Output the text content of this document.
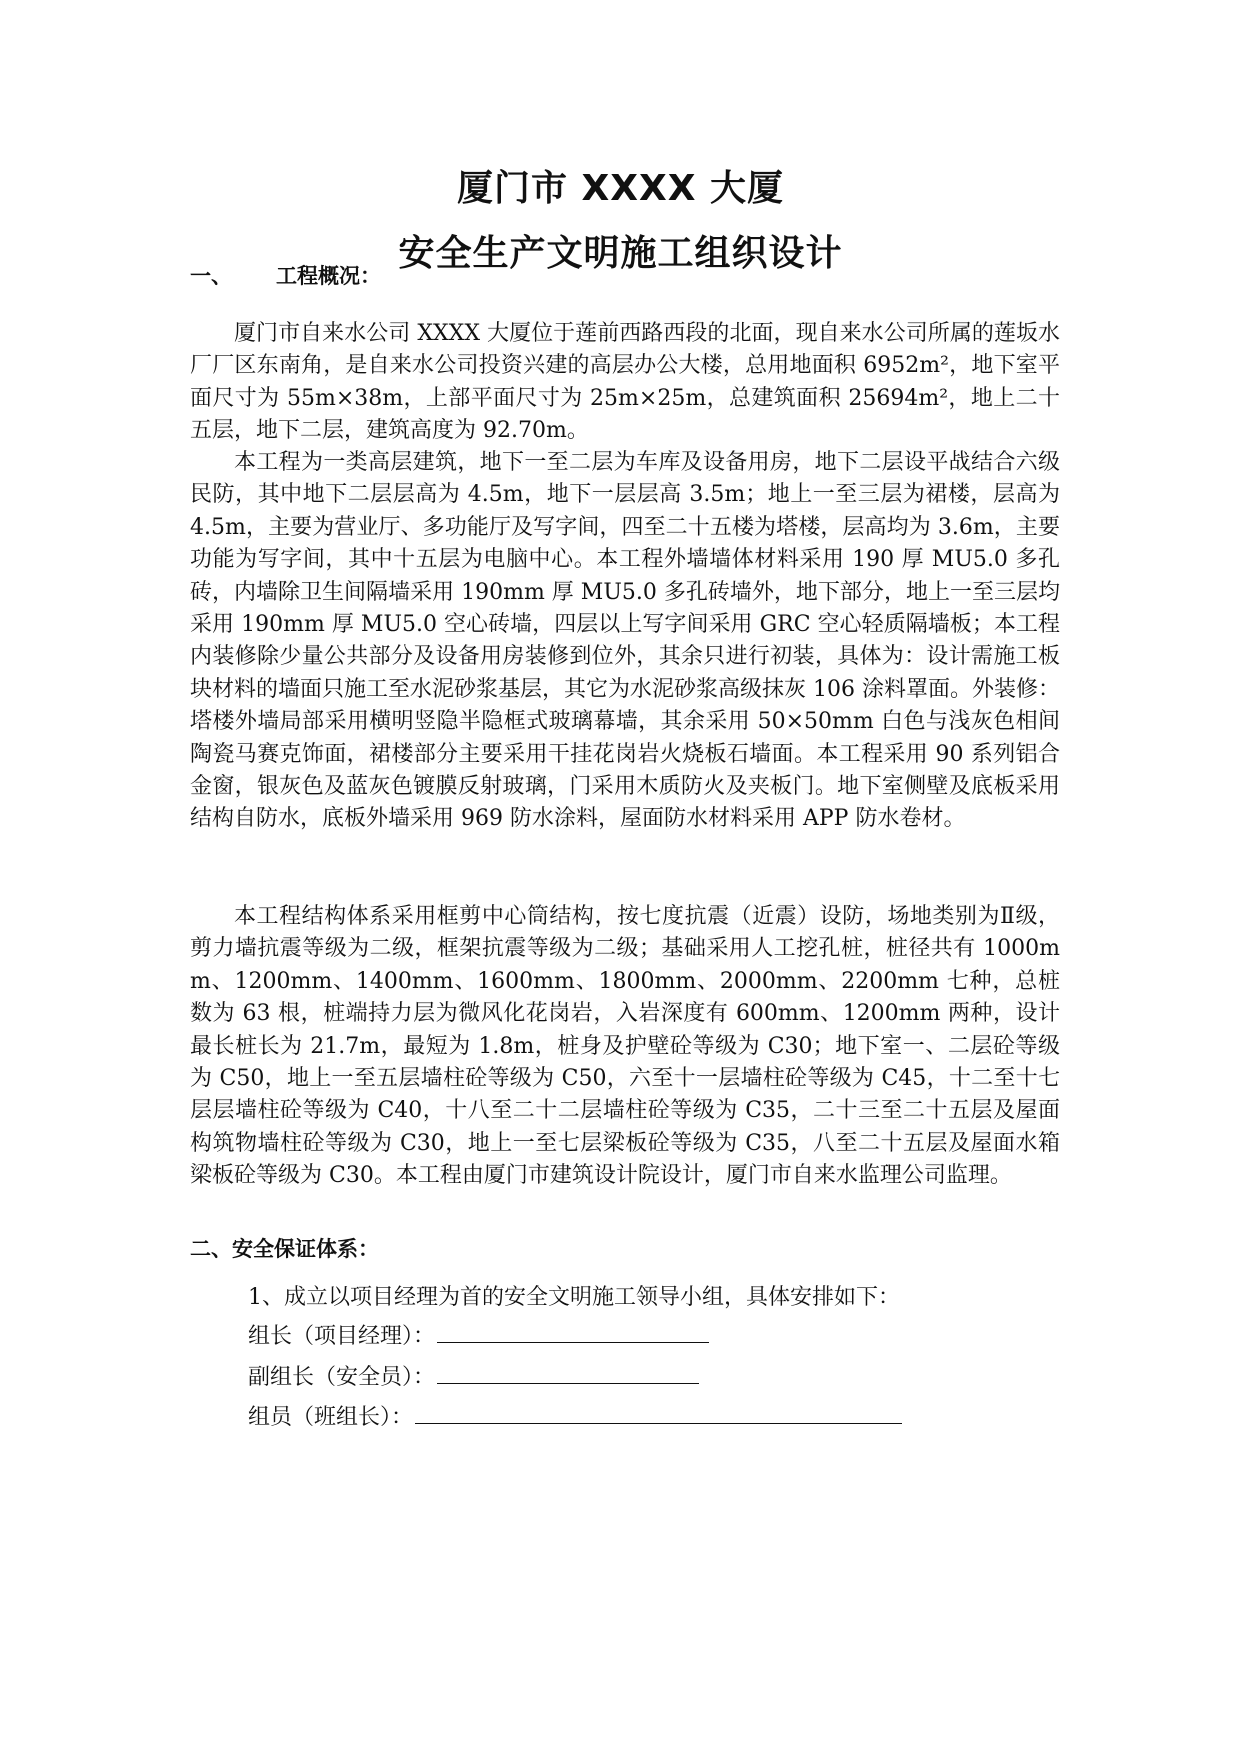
厦门市 XXXX 大厦
安全生产文明施工组织设计
一、 工程概况：

厦门市自来水公司 XXXX 大厦位于莲前西路西段的北面，现自来水公司所属的莲坂水厂厂区东南角，是自来水公司投资兴建的高层办公大楼，总用地面积 6952m²，地下室平面尺寸为 55m×38m，上部平面尺寸为 25m×25m，总建筑面积 25694m²，地上二十五层，地下二层，建筑高度为 92.70m。

本工程为一类高层建筑，地下一至二层为车库及设备用房，地下二层设平战结合六级民防，其中地下二层层高为 4.5m，地下一层层高 3.5m；地上一至三层为裙楼，层高为 4.5m，主要为营业厅、多功能厅及写字间，四至二十五楼为塔楼，层高均为 3.6m，主要功能为写字间，其中十五层为电脑中心。本工程外墙墙体材料采用 190 厚 MU5.0 多孔砖，内墙除卫生间隔墙采用 190mm 厚 MU5.0 多孔砖墙外，地下部分，地上一至三层均采用 190mm 厚 MU5.0 空心砖墙，四层以上写字间采用 GRC 空心轻质隔墙板；本工程内装修除少量公共部分及设备用房装修到位外，其余只进行初装，具体为：设计需施工板块材料的墙面只施工至水泥砂浆基层，其它为水泥砂浆高级抹灰 106 涂料罩面。外装修：塔楼外墙局部采用横明竖隐半隐框式玻璃幕墙，其余采用 50×50mm 白色与浅灰色相间陶瓷马赛克饰面，裙楼部分主要采用干挂花岗岩火烧板石墙面。本工程采用 90 系列铝合金窗，银灰色及蓝灰色镀膜反射玻璃，门采用木质防火及夹板门。地下室侧壁及底板采用结构自防水，底板外墙采用 969 防水涂料，屋面防水材料采用 APP 防水卷材。

本工程结构体系采用框剪中心筒结构，按七度抗震（近震）设防，场地类别为Ⅱ级，剪力墙抗震等级为二级，框架抗震等级为二级；基础采用人工挖孔桩，桩径共有 1000mm、1200mm、1400mm、1600mm、1800mm、2000mm、2200mm 七种，总桩数为 63 根，桩端持力层为微风化花岗岩，入岩深度有 600mm、1200mm 两种，设计最长桩长为 21.7m，最短为 1.8m，桩身及护壁砼等级为 C30；地下室一、二层砼等级为 C50，地上一至五层墙柱砼等级为 C50，六至十一层墙柱砼等级为 C45，十二至十七层层墙柱砼等级为 C40，十八至二十二层墙柱砼等级为 C35，二十三至二十五层及屋面构筑物墙柱砼等级为 C30，地上一至七层梁板砼等级为 C35，八至二十五层及屋面水箱梁板砼等级为 C30。本工程由厦门市建筑设计院设计，厦门市自来水监理公司监理。

二、安全保证体系：

1、成立以项目经理为首的安全文明施工领导小组，具体安排如下：

组长（项目经理）：

副组长（安全员）：

组员（班组长）：
